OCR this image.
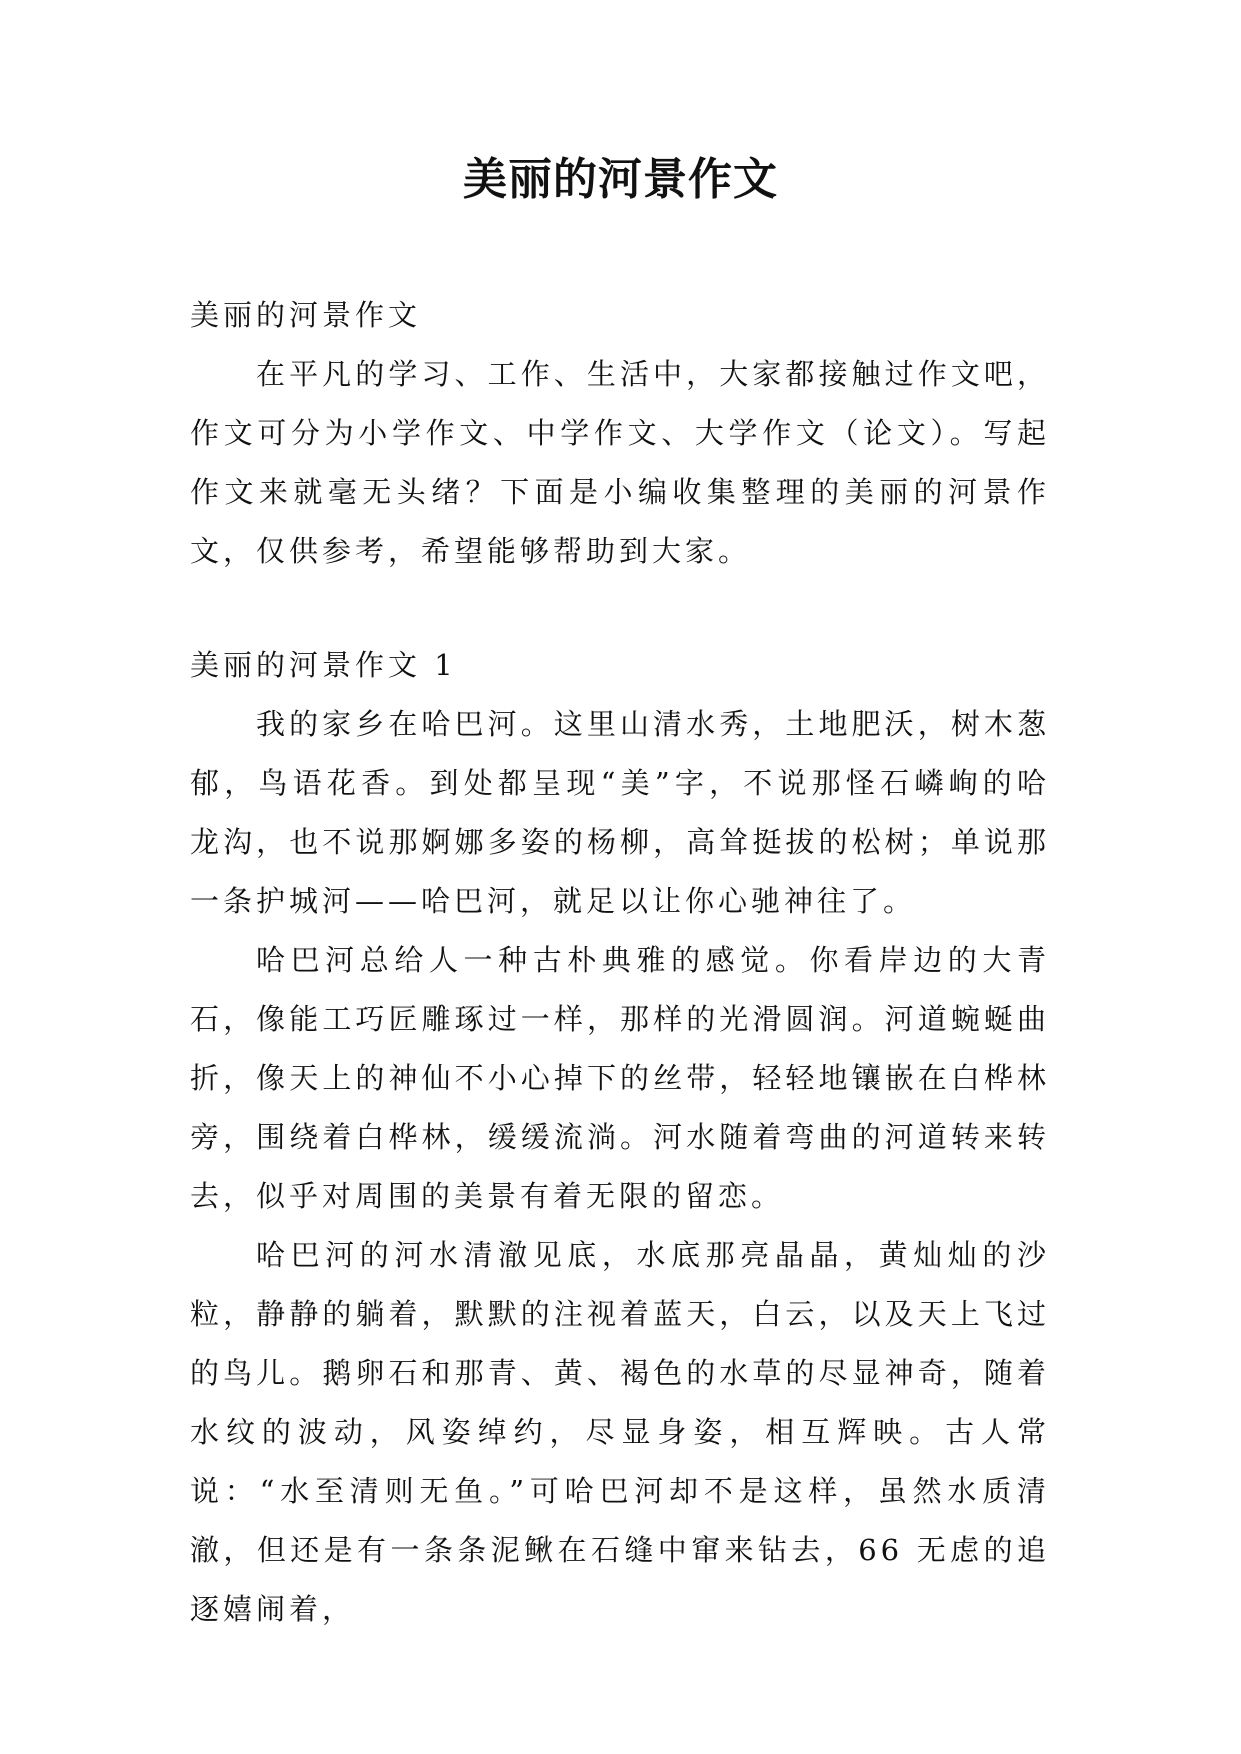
美丽的河景作文

美丽的河景作文

在平凡的学习、工作、生活中，大家都接触过作文吧，作文可分为小学作文、中学作文、大学作文（论文）。写起作文来就毫无头绪？下面是小编收集整理的美丽的河景作文，仅供参考，希望能够帮助到大家。

美丽的河景作文 1

我的家乡在哈巴河。这里山清水秀，土地肥沃，树木葱郁，鸟语花香。到处都呈现“美”字，不说那怪石嶙峋的哈龙沟，也不说那婀娜多姿的杨柳，高耸挺拔的松树；单说那一条护城河——哈巴河，就足以让你心驰神往了。

哈巴河总给人一种古朴典雅的感觉。你看岸边的大青石，像能工巧匠雕琢过一样，那样的光滑圆润。河道蜿蜒曲折，像天上的神仙不小心掉下的丝带，轻轻地镶嵌在白桦林旁，围绕着白桦林，缓缓流淌。河水随着弯曲的河道转来转去，似乎对周围的美景有着无限的留恋。

哈巴河的河水清澈见底，水底那亮晶晶，黄灿灿的沙粒，静静的躺着，默默的注视着蓝天，白云，以及天上飞过的鸟儿。鹅卵石和那青、黄、褐色的水草的尽显神奇，随着水纹的波动，风姿绰约，尽显身姿，相互辉映。古人常说：“水至清则无鱼。”可哈巴河却不是这样，虽然水质清澈，但还是有一条条泥鳅在石缝中窜来钻去，66 无虑的追逐嬉闹着，
